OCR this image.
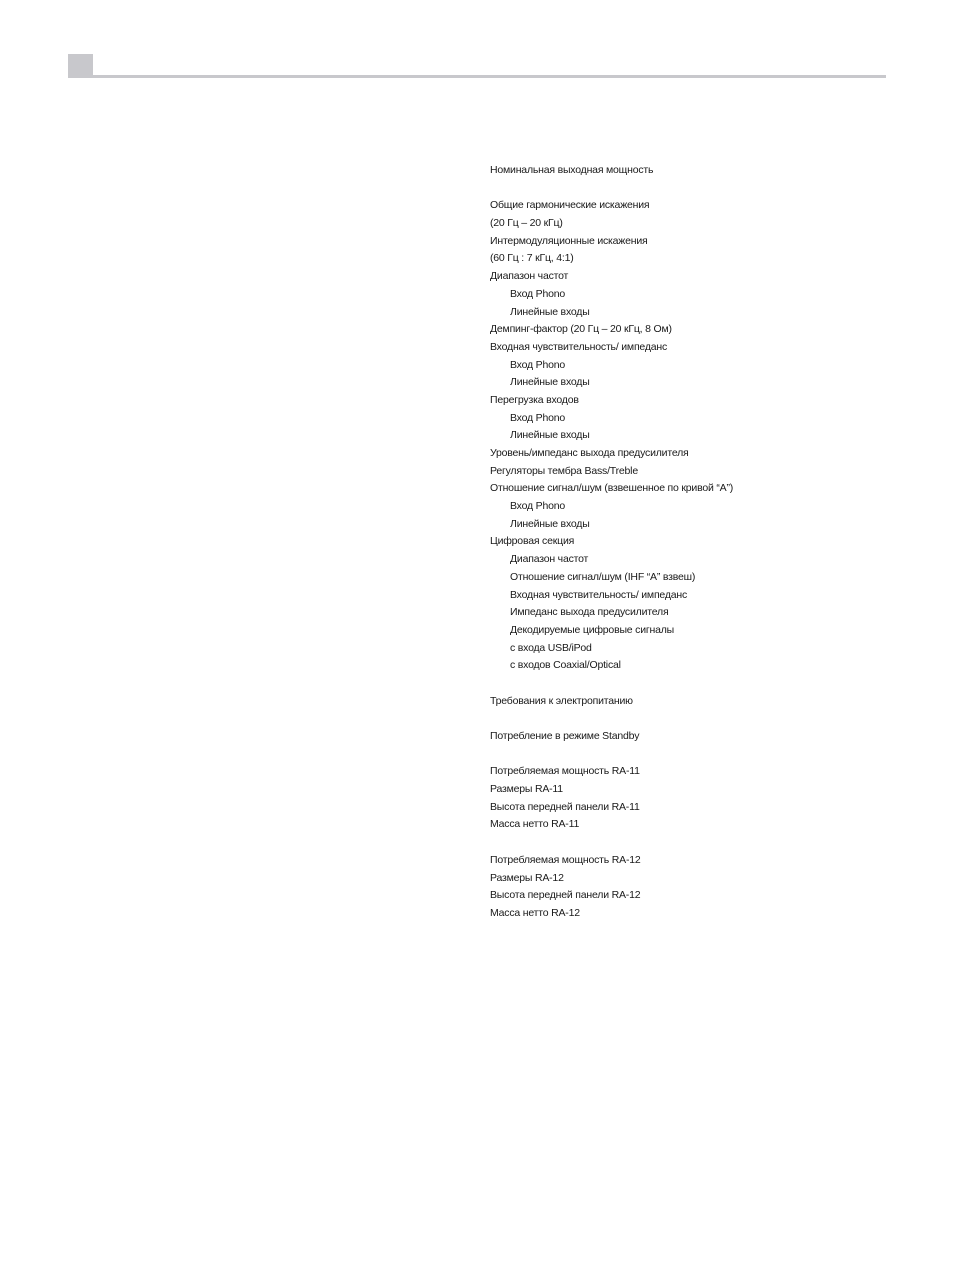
Номинальная выходная мощность
Общие гармонические искажения
(20 Гц – 20 кГц)
Интермодуляционные искажения
(60 Гц : 7 кГц, 4:1)
Диапазон частот
Вход Phono
Линейные входы
Демпинг-фактор (20 Гц – 20 кГц, 8 Ом)
Входная чувствительность/ импеданс
Вход Phono
Линейные входы
Перегрузка входов
Вход Phono
Линейные входы
Уровень/импеданс выхода предусилителя
Регуляторы тембра Bass/Treble
Отношение сигнал/шум (взвешенное по кривой “А”)
Вход Phono
Линейные входы
Цифровая секция
Диапазон частот
Отношение сигнал/шум (IHF “A” взвеш)
Входная чувствительность/ импеданс
Импеданс выхода предусилителя
Декодируемые цифровые сигналы
с входа USB/iPod
с входов Coaxial/Optical
Требования к электропитанию
Потребление в режиме Standby
Потребляемая мощность RA-11
Размеры RA-11
Высота передней панели RA-11
Масса нетто RA-11
Потребляемая мощность RA-12
Размеры RA-12
Высота передней панели RA-12
Масса нетто RA-12
